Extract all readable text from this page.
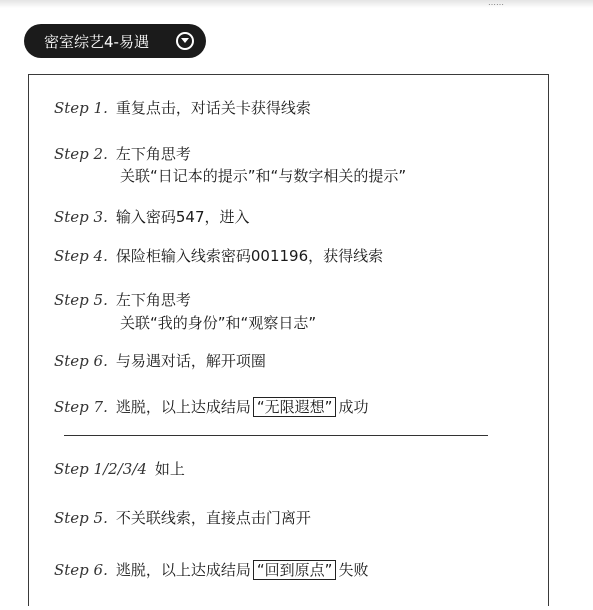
……
密室综艺4-易遇
Step 1. 重复点击，对话关卡获得线索
Step 2. 左下角思考
关联“日记本的提示”和“与数字相关的提示”
Step 3. 输入密码547，进入
Step 4. 保险柜输入线索密码001196，获得线索
Step 5. 左下角思考
关联“我的身份”和“观察日志”
Step 6. 与易遇对话，解开项圈
Step 7. 逃脱，以上达成结局 “无限遐想” 成功
Step 1/2/3/4 如上
Step 5. 不关联线索，直接点击门离开
Step 6. 逃脱，以上达成结局 “回到原点” 失败
